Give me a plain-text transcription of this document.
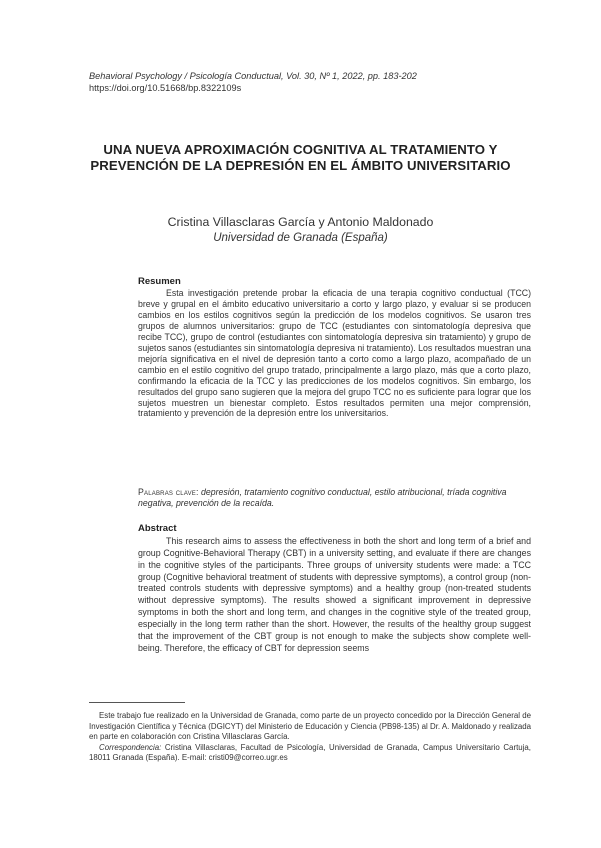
Behavioral Psychology / Psicología Conductual, Vol. 30, Nº 1, 2022, pp. 183-202
https://doi.org/10.51668/bp.8322109s
UNA NUEVA APROXIMACIÓN COGNITIVA AL TRATAMIENTO Y PREVENCIÓN DE LA DEPRESIÓN EN EL ÁMBITO UNIVERSITARIO
Cristina Villasclaras García y Antonio Maldonado
Universidad de Granada (España)
Resumen

Esta investigación pretende probar la eficacia de una terapia cognitivo conductual (TCC) breve y grupal en el ámbito educativo universitario a corto y largo plazo, y evaluar si se producen cambios en los estilos cognitivos según la predicción de los modelos cognitivos. Se usaron tres grupos de alumnos universitarios: grupo de TCC (estudiantes con sintomatología depresiva que recibe TCC), grupo de control (estudiantes con sintomatología depresiva sin tratamiento) y grupo de sujetos sanos (estudiantes sin sintomatología depresiva ni tratamiento). Los resultados muestran una mejoría significativa en el nivel de depresión tanto a corto como a largo plazo, acompañado de un cambio en el estilo cognitivo del grupo tratado, principalmente a largo plazo, más que a corto plazo, confirmando la eficacia de la TCC y las predicciones de los modelos cognitivos. Sin embargo, los resultados del grupo sano sugieren que la mejora del grupo TCC no es suficiente para lograr que los sujetos muestren un bienestar completo. Estos resultados permiten una mejor comprensión, tratamiento y prevención de la depresión entre los universitarios.

Palabras clave: depresión, tratamiento cognitivo conductual, estilo atribucional, tríada cognitiva negativa, prevención de la recaída.
Abstract

This research aims to assess the effectiveness in both the short and long term of a brief and group Cognitive-Behavioral Therapy (CBT) in a university setting, and evaluate if there are changes in the cognitive styles of the participants. Three groups of university students were made: a TCC group (Cognitive behavioral treatment of students with depressive symptoms), a control group (non-treated controls students with depressive symptoms) and a healthy group (non-treated students without depressive symptoms). The results showed a significant improvement in depressive symptoms in both the short and long term, and changes in the cognitive style of the treated group, especially in the long term rather than the short. However, the results of the healthy group suggest that the improvement of the CBT group is not enough to make the subjects show complete well-being. Therefore, the efficacy of CBT for depression seems

Este trabajo fue realizado en la Universidad de Granada, como parte de un proyecto concedido por la Dirección General de Investigación Científica y Técnica (DGICYT) del Ministerio de Educación y Ciencia (PB98-135) al Dr. A. Maldonado y realizada en parte en colaboración con Cristina Villasclaras García.
Correspondencia: Cristina Villasclaras, Facultad de Psicología, Universidad de Granada, Campus Universitario Cartuja, 18011 Granada (España). E-mail: cristi09@correo.ugr.es
